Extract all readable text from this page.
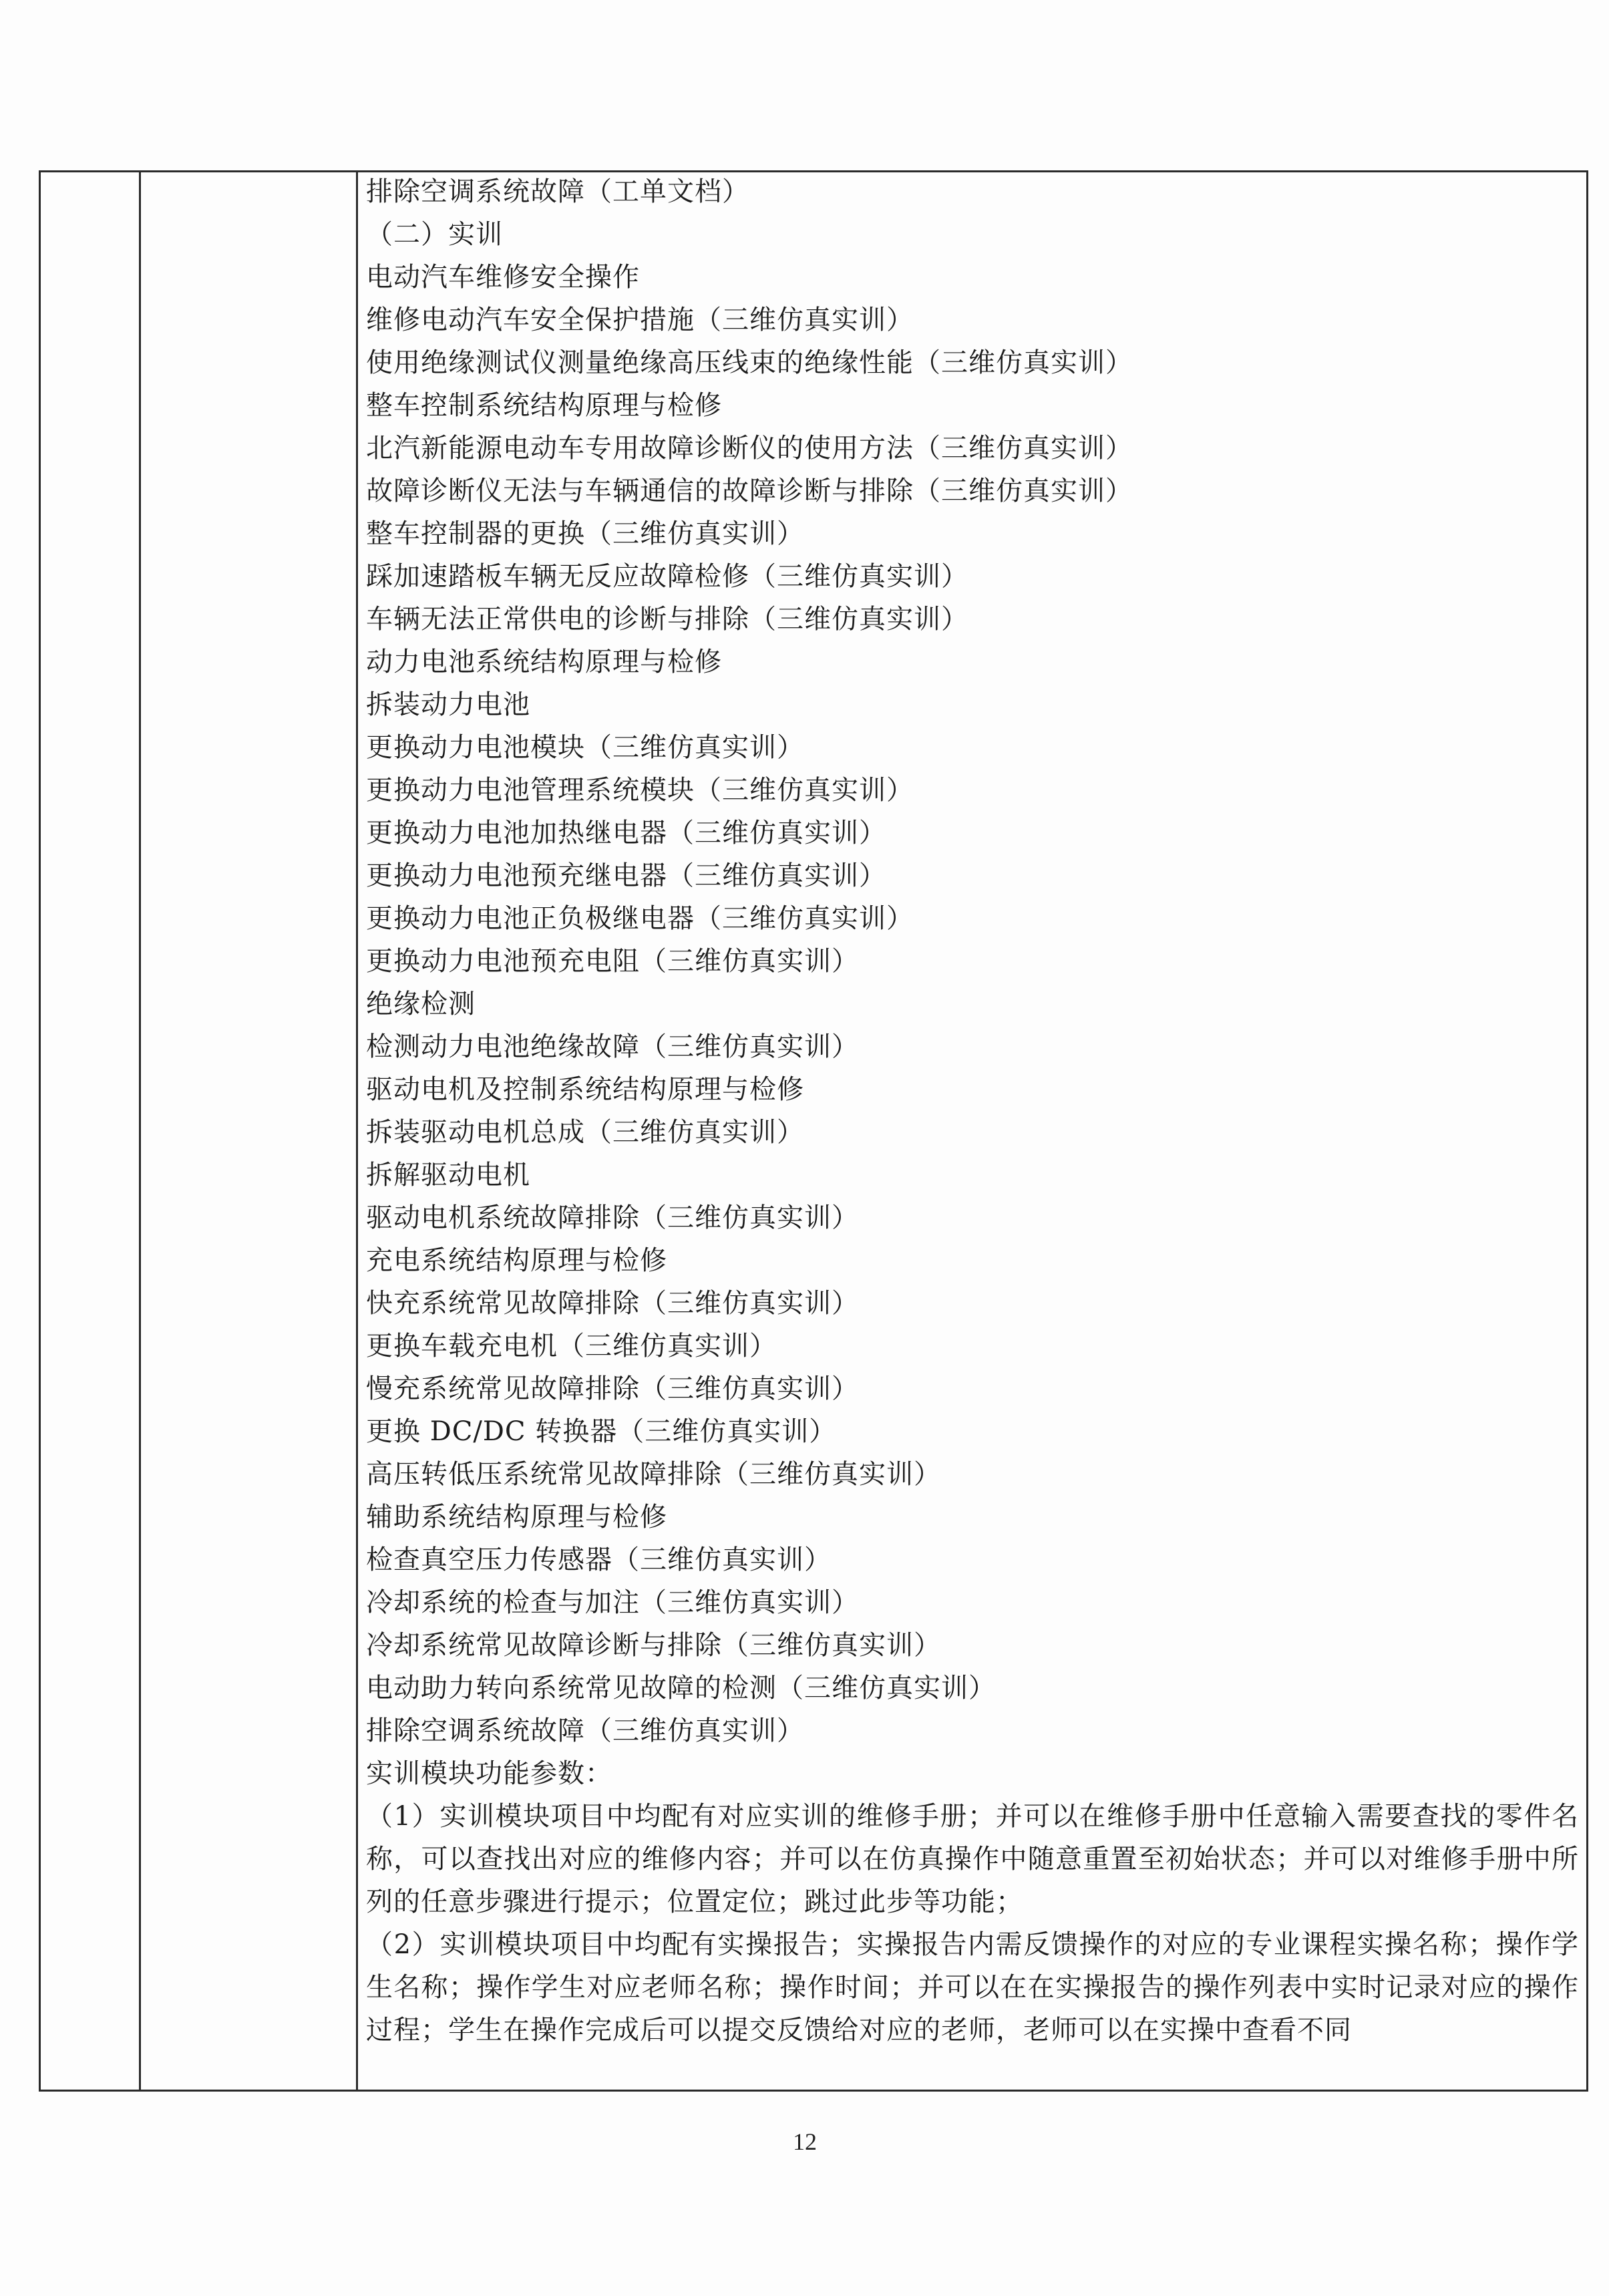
排除空调系统故障（工单文档）
（二）实训
电动汽车维修安全操作
维修电动汽车安全保护措施（三维仿真实训）
使用绝缘测试仪测量绝缘高压线束的绝缘性能（三维仿真实训）
整车控制系统结构原理与检修
北汽新能源电动车专用故障诊断仪的使用方法（三维仿真实训）
故障诊断仪无法与车辆通信的故障诊断与排除（三维仿真实训）
整车控制器的更换（三维仿真实训）
踩加速踏板车辆无反应故障检修（三维仿真实训）
车辆无法正常供电的诊断与排除（三维仿真实训）
动力电池系统结构原理与检修
拆装动力电池
更换动力电池模块（三维仿真实训）
更换动力电池管理系统模块（三维仿真实训）
更换动力电池加热继电器（三维仿真实训）
更换动力电池预充继电器（三维仿真实训）
更换动力电池正负极继电器（三维仿真实训）
更换动力电池预充电阻（三维仿真实训）
绝缘检测
检测动力电池绝缘故障（三维仿真实训）
驱动电机及控制系统结构原理与检修
拆装驱动电机总成（三维仿真实训）
拆解驱动电机
驱动电机系统故障排除（三维仿真实训）
充电系统结构原理与检修
快充系统常见故障排除（三维仿真实训）
更换车载充电机（三维仿真实训）
慢充系统常见故障排除（三维仿真实训）
更换 DC/DC 转换器（三维仿真实训）
高压转低压系统常见故障排除（三维仿真实训）
辅助系统结构原理与检修
检查真空压力传感器（三维仿真实训）
冷却系统的检查与加注（三维仿真实训）
冷却系统常见故障诊断与排除（三维仿真实训）
电动助力转向系统常见故障的检测（三维仿真实训）
排除空调系统故障（三维仿真实训）
实训模块功能参数：
（1）实训模块项目中均配有对应实训的维修手册；并可以在维修手册中任意输入需要查找的零件名称，可以查找出对应的维修内容；并可以在仿真操作中随意重置至初始状态；并可以对维修手册中所列的任意步骤进行提示；位置定位；跳过此步等功能；
（2）实训模块项目中均配有实操报告；实操报告内需反馈操作的对应的专业课程实操名称；操作学生名称；操作学生对应老师名称；操作时间；并可以在在实操报告的操作列表中实时记录对应的操作过程；学生在操作完成后可以提交反馈给对应的老师，老师可以在实操中查看不同
12
